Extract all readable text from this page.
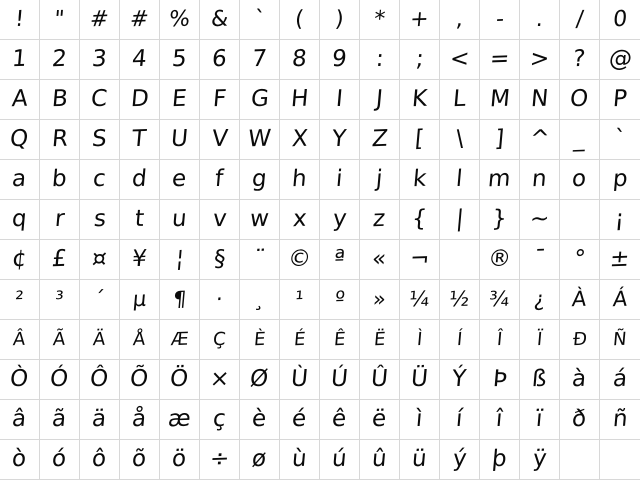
! " # # % & ` ( ) * + , - . / 0
1 2 3 4 5 6 7 8 9 : ; < = > ? @
A B C D E F G H I J K L M N O P
Q R S T U V W X Y Z [ \ ] ^ _ `
a b c d e f g h i j k l m n o p
q r s t u v w x y z { | } ~	¡
¢ £ ¤ ¥ ¦ § ¨ © ª « ¬  ® ¯ ° ±
² ³ ´ µ ¶ · ¸ ¹ º » ¼ ½ ¾ ¿ À Á
Â Ã Ä Å Æ Ç È É Ê Ë Ì Í Î Ï Ð Ñ
Ò Ó Ô Õ Ö × Ø Ù Ú Û Ü Ý Þ ß à á
â ã ä å æ ç è é ê ë ì í î ï ð ñ
ò ó ô õ ö ÷ ø ù ú û ü ý þ ÿ
